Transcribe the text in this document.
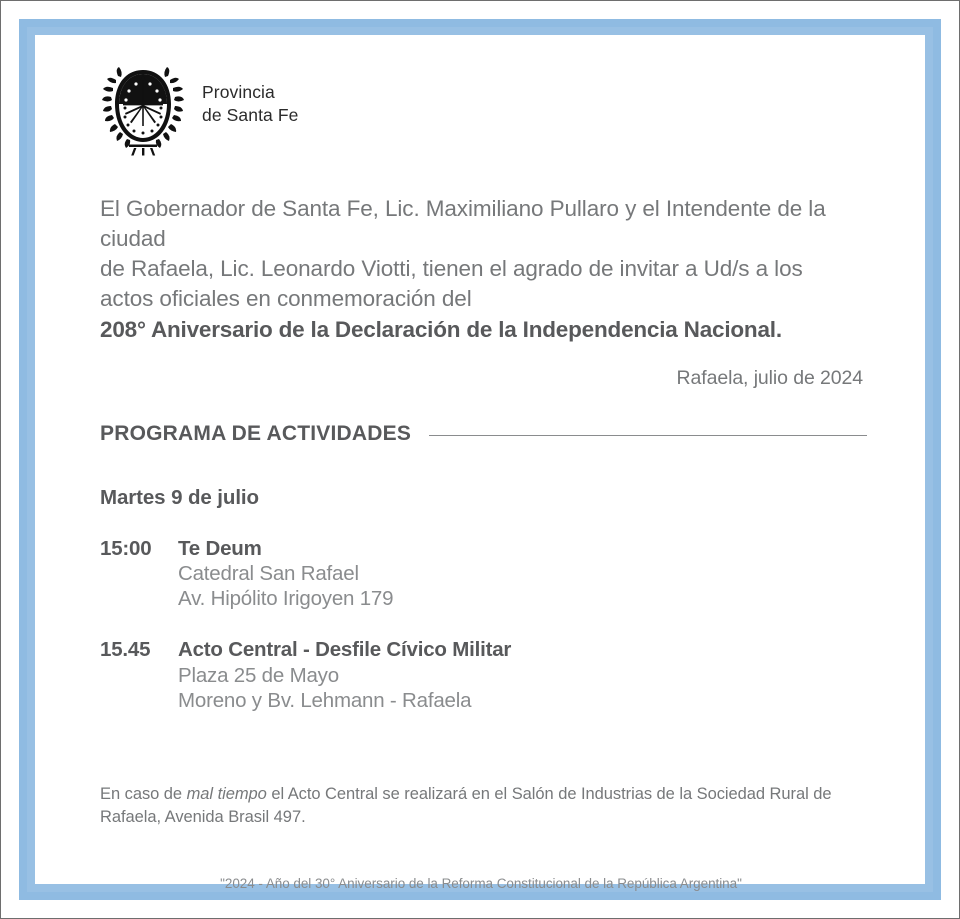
Provincia
de Santa Fe
El Gobernador de Santa Fe, Lic. Maximiliano Pullaro y el Intendente de la ciudad
de Rafaela, Lic. Leonardo Viotti, tienen el agrado de invitar a Ud/s a los
actos oficiales en conmemoración del
208° Aniversario de la Declaración de la Independencia Nacional.
Rafaela, julio de 2024
PROGRAMA DE ACTIVIDADES
Martes 9 de julio
15:00	Te Deum
Catedral San Rafael
Av. Hipólito Irigoyen 179
15.45	Acto Central - Desfile Cívico Militar
Plaza 25 de Mayo
Moreno y Bv. Lehmann - Rafaela
En caso de mal tiempo el Acto Central se realizará en el Salón de Industrias de la Sociedad Rural de Rafaela, Avenida Brasil 497.
"2024 - Año del 30° Aniversario de la Reforma Constitucional de la República Argentina"
